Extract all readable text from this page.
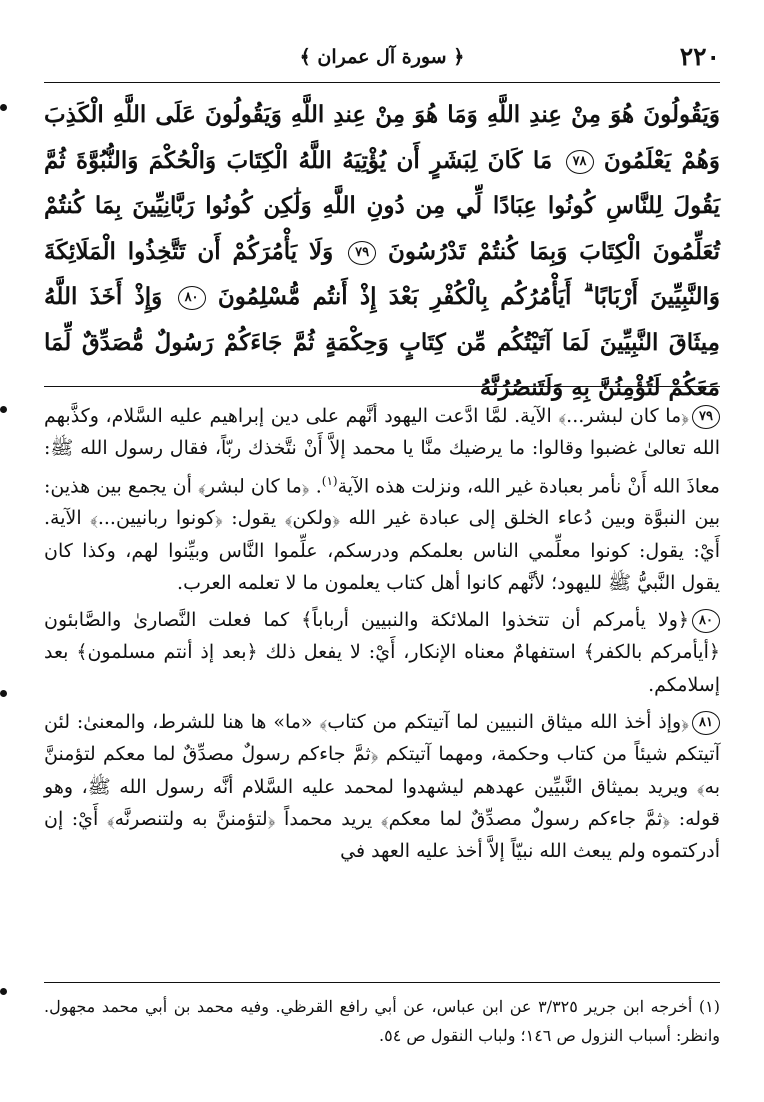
٢٢٠
﴿ سورة آل عمران ﴾
وَيَقُولُونَ هُوَ مِنْ عِندِ اللَّهِ وَمَا هُوَ مِنْ عِندِ اللَّهِ وَيَقُولُونَ عَلَى اللَّهِ الْكَذِبَ وَهُمْ يَعْلَمُونَ ٧٨ مَا كَانَ لِبَشَرٍ أَن يُؤْتِيَهُ اللَّهُ الْكِتَابَ وَالْحُكْمَ وَالنُّبُوَّةَ ثُمَّ يَقُولَ لِلنَّاسِ كُونُوا عِبَادًا لِّي مِن دُونِ اللَّهِ وَلَٰكِن كُونُوا رَبَّانِيِّينَ بِمَا كُنتُمْ تُعَلِّمُونَ الْكِتَابَ وَبِمَا كُنتُمْ تَدْرُسُونَ ٧٩ وَلَا يَأْمُرَكُمْ أَن تَتَّخِذُوا الْمَلَائِكَةَ وَالنَّبِيِّينَ أَرْبَابًا ۗ أَيَأْمُرُكُم بِالْكُفْرِ بَعْدَ إِذْ أَنتُم مُّسْلِمُونَ ٨٠ وَإِذْ أَخَذَ اللَّهُ مِيثَاقَ النَّبِيِّينَ لَمَا آتَيْتُكُم مِّن كِتَابٍ وَحِكْمَةٍ ثُمَّ جَاءَكُمْ رَسُولٌ مُّصَدِّقٌ لِّمَا مَعَكُمْ لَتُؤْمِنُنَّ بِهِ وَلَتَنصُرُنَّهُ

٧٩﴿ما كان لبشر...﴾ الآية. لمَّا ادَّعت اليهود أنَّهم على دين إبراهيم عليه السَّلام، وكذَّبهم الله تعالىٰ غضبوا وقالوا: ما يرضيك منَّا يا محمد إلاَّ أَنْ نتَّخذك ربّاً، فقال رسول الله ﷺ: معاذَ الله أَنْ نأمر بعبادة غير الله، ونزلت هذه الآية$^{(١)}$. ﴿ما كان لبشر﴾ أن يجمع بين هذين: بين النبوَّة وبين دُعاء الخلق إلى عبادة غير الله ﴿ولكن﴾ يقول: ﴿كونوا ربانيين...﴾ الآية. أَيْ: يقول: كونوا معلِّمي الناس بعلمكم ودرسكم، علِّموا النَّاس وبيِّنوا لهم، وكذا كان يقول النَّبيُّ ﷺ لليهود؛ لأنَّهم كانوا أهل كتاب يعلمون ما لا تعلمه العرب.

٨٠﴿ولا يأمركم أن تتخذوا الملائكة والنبيين أرباباً﴾ كما فعلت النَّصارىٰ والصَّابئون ﴿أيأمركم بالكفر﴾ استفهامٌ معناه الإنكار، أَيْ: لا يفعل ذلك ﴿بعد إذ أنتم مسلمون﴾ بعد إسلامكم.

٨١﴿وإذ أخذ الله ميثاق النبيين لما آتيتكم من كتاب﴾ «ما» ها هنا للشرط، والمعنىٰ: لئن آتيتكم شيئاً من كتاب وحكمة، ومهما آتيتكم ﴿ثمَّ جاءكم رسولٌ مصدِّقٌ لما معكم لتؤمننَّ به﴾ ويريد بميثاق النَّبيِّين عهدهم ليشهدوا لمحمد عليه السَّلام أنَّه رسول الله ﷺ، وهو قوله: ﴿ثمَّ جاءكم رسولٌ مصدِّقٌ لما معكم﴾ يريد محمداً ﴿لتؤمننَّ به ولتنصرنَّه﴾ أَيْ: إن أدركتموه ولم يبعث الله نبيّاً إلاَّ أخذ عليه العهد في

(١) أخرجه ابن جرير ٣/٣٢٥ عن ابن عباس، عن أبي رافع القرظي. وفيه محمد بن أبي محمد مجهول. وانظر: أسباب النزول ص ١٤٦؛ ولباب النقول ص ٥٤.
